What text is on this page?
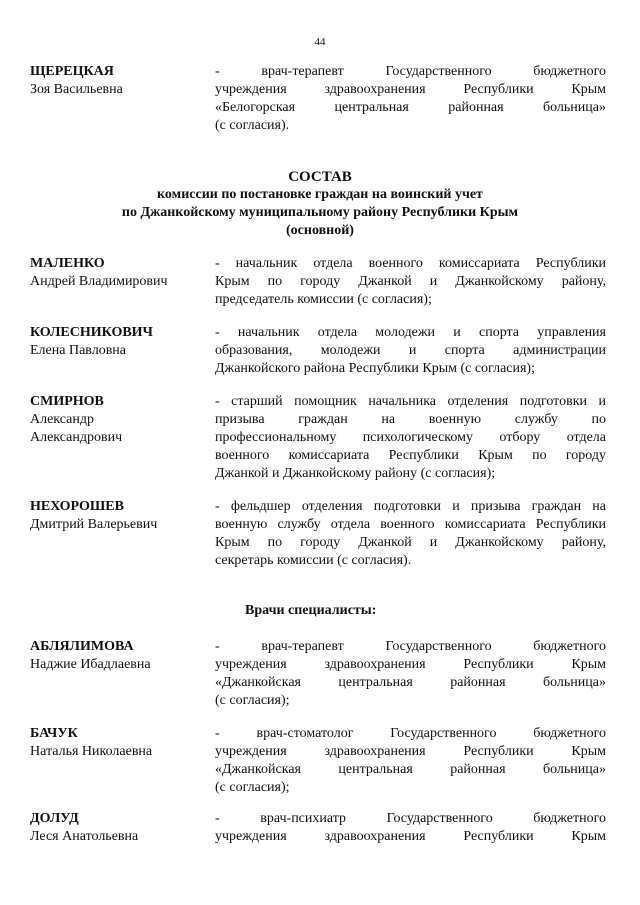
44
ЩЕРЕЦКАЯ
Зоя Васильевна
- врач-терапевт Государственного бюджетного
учреждения здравоохранения Республики Крым
«Белогорская центральная районная больница»
(с согласия).
СОСТАВ
комиссии по постановке граждан на воинский учет
по Джанкойскому муниципальному району Республики Крым
(основной)
МАЛЕНКО
Андрей Владимирович
- начальник отдела военного комиссариата Республики
Крым по городу Джанкой и Джанкойскому району,
председатель комиссии (с согласия);
КОЛЕСНИКОВИЧ
Елена Павловна
- начальник отдела молодежи и спорта управления
образования, молодежи и спорта администрации
Джанкойского района Республики Крым (с согласия);
СМИРНОВ
Александр
Александрович
- старший помощник начальника отделения подготовки и
призыва граждан на военную службу по
профессиональному психологическому отбору отдела
военного комиссариата Республики Крым по городу
Джанкой и Джанкойскому району (с согласия);
НЕХОРОШЕВ
Дмитрий Валерьевич
- фельдшер отделения подготовки и призыва граждан на
военную службу отдела военного комиссариата Республики
Крым по городу Джанкой и Джанкойскому району,
секретарь комиссии (с согласия).
Врачи специалисты:
АБЛЯЛИМОВА
Наджие Ибадлаевна
- врач-терапевт Государственного бюджетного
учреждения здравоохранения Республики Крым
«Джанкойская центральная районная больница»
(с согласия);
БАЧУК
Наталья Николаевна
- врач-стоматолог Государственного бюджетного
учреждения здравоохранения Республики Крым
«Джанкойская центральная районная больница»
(с согласия);
ДОЛУД
Леся Анатольевна
- врач-психиатр Государственного бюджетного
учреждения здравоохранения Республики Крым
